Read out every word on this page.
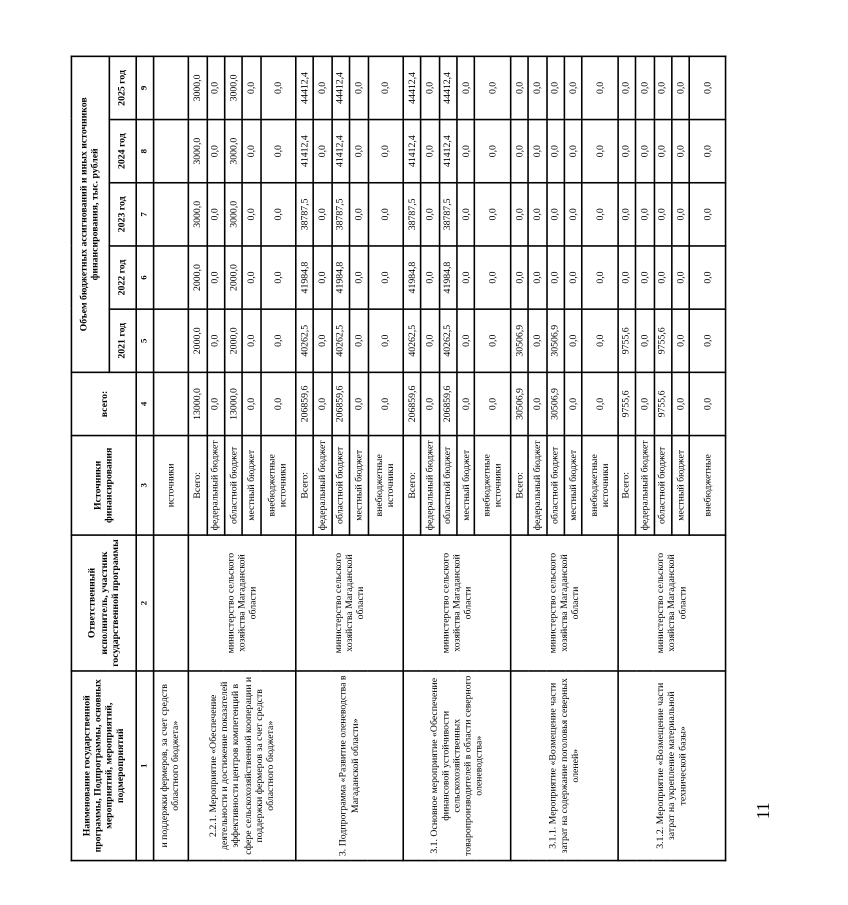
11
Наименование государственной программы, Подпрограммы, основных мероприятий, мероприятий, подмероприятий	Ответственный исполнитель, участник государственной программы	Источники финансирования	всего:	Объем бюджетных ассигнований и иных источников финансирования, тыс. рублей				
				2021 год	2022 год	2023 год	2024 год	2025 год
1	2	3	4	5	6	7	8	9
и поддержки фермеров, за счет средств областного бюджета»		источники						
2.2.1. Мероприятие «Обеспечение деятельности и достижение показателей эффективности центров компетенций в сфере сельскохозяйственной кооперации и поддержки фермеров за счет средств областного бюджета»	министерство сельского хозяйства Магаданской области	Всего:	13000,0	2000,0	2000,0	3000,0	3000,0	3000,0
		федеральный бюджет	0,0	0,0	0,0	0,0	0,0	0,0
		областной бюджет	13000,0	2000,0	2000,0	3000,0	3000,0	3000,0
		местный бюджет	0,0	0,0	0,0	0,0	0,0	0,0
		внебюджетные источники	0,0	0,0	0,0	0,0	0,0	0,0
3. Подпрограмма «Развитие оленеводства в Магаданской области»	министерство сельского хозяйства Магаданской области	Всего:	206859,6	40262,5	41984,8	38787,5	41412,4	44412,4
		федеральный бюджет	0,0	0,0	0,0	0,0	0,0	0,0
		областной бюджет	206859,6	40262,5	41984,8	38787,5	41412,4	44412,4
		местный бюджет	0,0	0,0	0,0	0,0	0,0	0,0
		внебюджетные источники	0,0	0,0	0,0	0,0	0,0	0,0
3.1. Основное мероприятие «Обеспечение финансовой устойчивости сельскохозяйственных товаропроизводителей в области северного оленеводства»	министерство сельского хозяйства Магаданской области	Всего:	206859,6	40262,5	41984,8	38787,5	41412,4	44412,4
		федеральный бюджет	0,0	0,0	0,0	0,0	0,0	0,0
		областной бюджет	206859,6	40262,5	41984,8	38787,5	41412,4	44412,4
		местный бюджет	0,0	0,0	0,0	0,0	0,0	0,0
		внебюджетные источники	0,0	0,0	0,0	0,0	0,0	0,0
3.1.1. Мероприятие «Возмещение части затрат на содержание поголовья северных оленей»	министерство сельского хозяйства Магаданской области	Всего:	30506,9	30506,9	0,0	0,0	0,0	0,0
		федеральный бюджет	0,0	0,0	0,0	0,0	0,0	0,0
		областной бюджет	30506,9	30506,9	0,0	0,0	0,0	0,0
		местный бюджет	0,0	0,0	0,0	0,0	0,0	0,0
		внебюджетные источники	0,0	0,0	0,0	0,0	0,0	0,0
3.1.2. Мероприятие «Возмещение части затрат на укрепление материальной технической базы»	министерство сельского хозяйства Магаданской области	Всего:	9755,6	9755,6	0,0	0,0	0,0	0,0
		федеральный бюджет	0,0	0,0	0,0	0,0	0,0	0,0
		областной бюджет	9755,6	9755,6	0,0	0,0	0,0	0,0
		местный бюджет	0,0	0,0	0,0	0,0	0,0	0,0
		внебюджетные	0,0	0,0	0,0	0,0	0,0	0,0
